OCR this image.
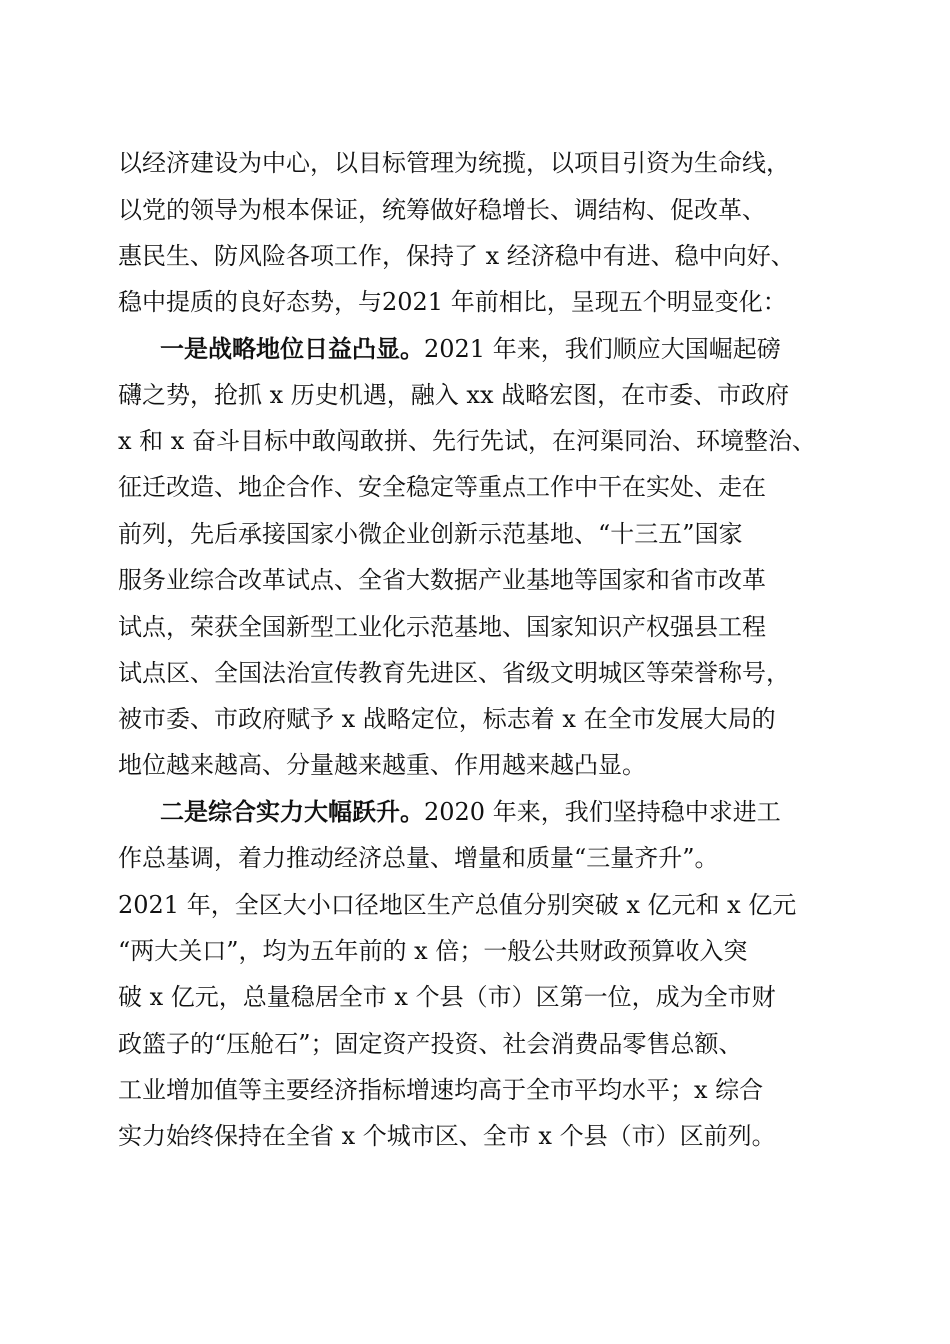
以经济建设为中心，以目标管理为统揽，以项目引资为生命线，
以党的领导为根本保证，统筹做好稳增长、调结构、促改革、
惠民生、防风险各项工作，保持了 x 经济稳中有进、稳中向好、
稳中提质的良好态势，与2021 年前相比，呈现五个明显变化：
一是战略地位日益凸显。2021 年来，我们顺应大国崛起磅
礴之势，抢抓 x 历史机遇，融入 xx 战略宏图，在市委、市政府
x 和 x 奋斗目标中敢闯敢拼、先行先试，在河渠同治、环境整治、
征迁改造、地企合作、安全稳定等重点工作中干在实处、走在
前列，先后承接国家小微企业创新示范基地、“十三五”国家
服务业综合改革试点、全省大数据产业基地等国家和省市改革
试点，荣获全国新型工业化示范基地、国家知识产权强县工程
试点区、全国法治宣传教育先进区、省级文明城区等荣誉称号，
被市委、市政府赋予 x 战略定位，标志着 x 在全市发展大局的
地位越来越高、分量越来越重、作用越来越凸显。
二是综合实力大幅跃升。2020 年来，我们坚持稳中求进工
作总基调，着力推动经济总量、增量和质量“三量齐升”。
2021 年，全区大小口径地区生产总值分别突破 x 亿元和 x 亿元
“两大关口”，均为五年前的 x 倍；一般公共财政预算收入突
破 x 亿元，总量稳居全市 x 个县（市）区第一位，成为全市财
政篮子的“压舱石”；固定资产投资、社会消费品零售总额、
工业增加值等主要经济指标增速均高于全市平均水平；x 综合
实力始终保持在全省 x 个城市区、全市 x 个县（市）区前列。
